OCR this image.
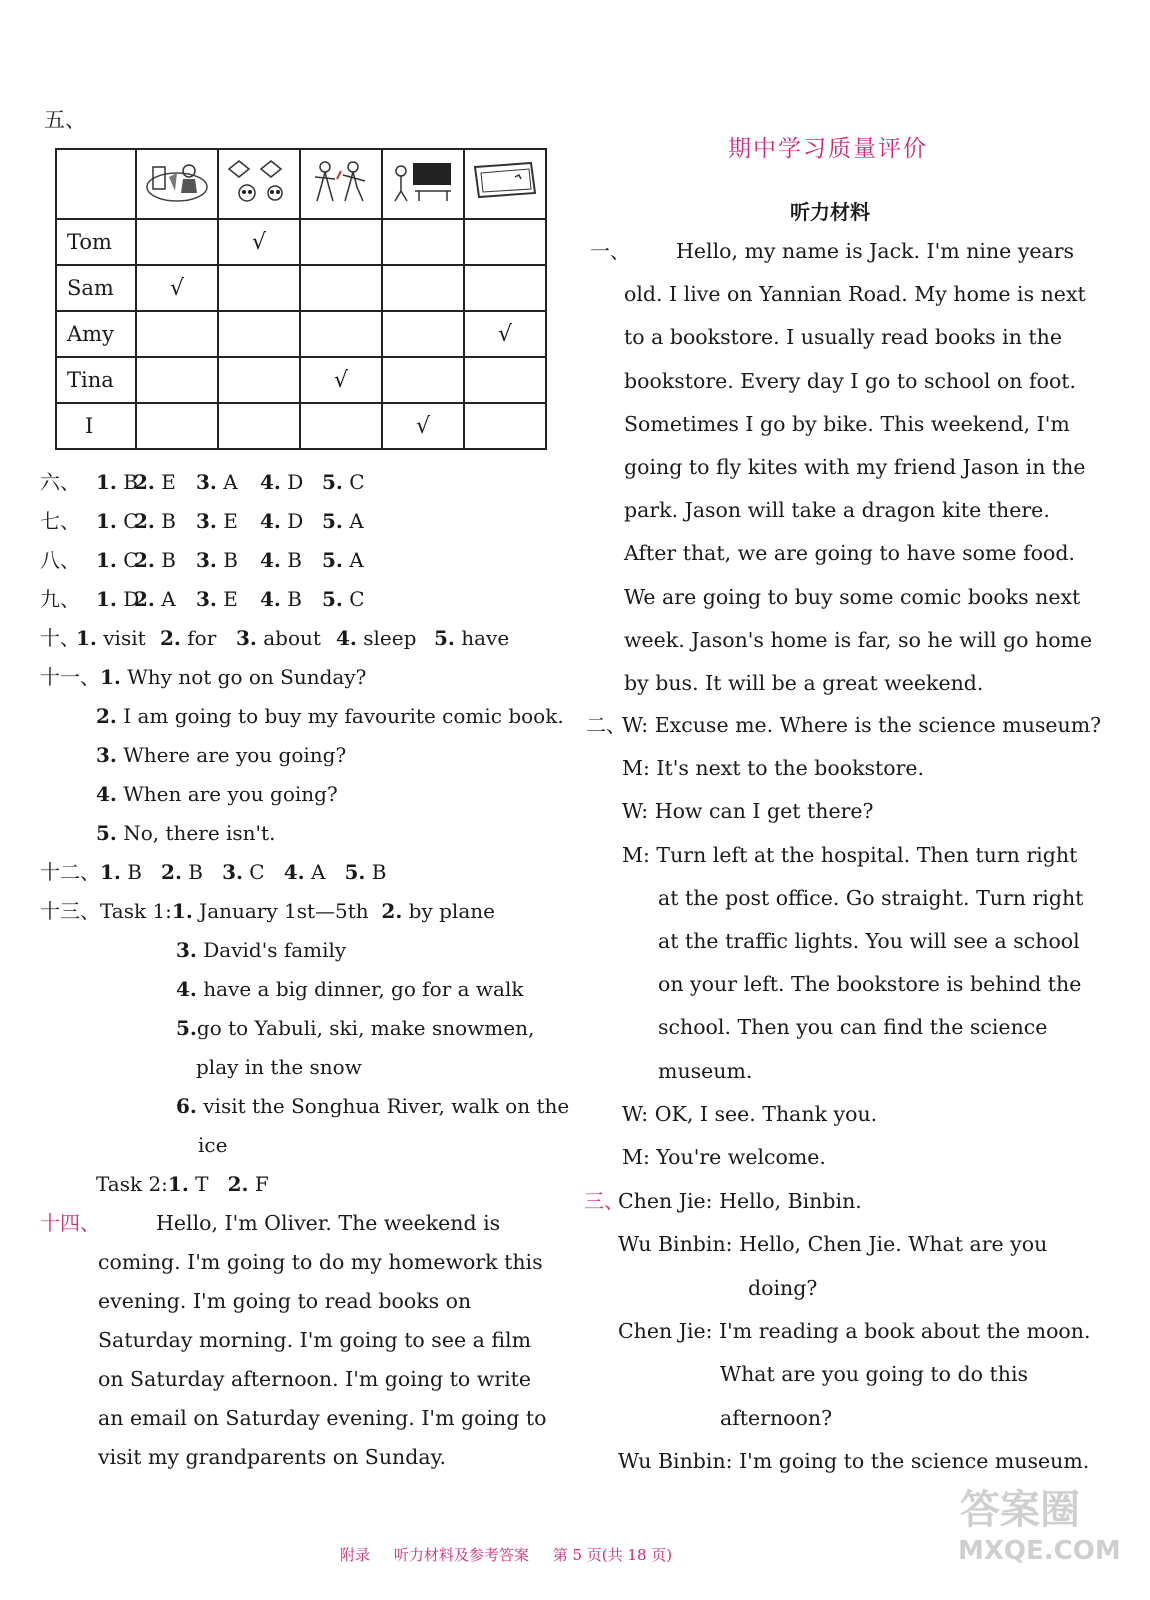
五、

Tom		√			
Sam	√				
Amy					√
Tina			√		
I				√	
六、 1. B
2. E 3. A 4. D 5. C
七、 1. C
2. B 3. E 4. D 5. A
八、 1. C
2. B 3. B 4. B 5. A
九、 1. D
2. A 3. E 4. B 5. C
十、
1. visit 2. for 3. about 4. sleep 5. have
十一、1. Why not go on Sunday?
2. I am going to buy my favourite comic book.
3. Where are you going?
4. When are you going?
5. No, there isn't.
十二、1. B 2. B 3. C 4. A 5. B
十三、Task 1:1. January 1st—5th 2. by plane
3. David's family
4. have a big dinner, go for a walk
5.go to Yabuli, ski, make snowmen,
play in the snow
6. visit the Songhua River, walk on the
ice
Task 2:1. T 2. F
十四、	Hello, I'm Oliver. The weekend is
coming. I'm going to do my homework this
evening. I'm going to read books on
Saturday morning. I'm going to see a film
on Saturday afternoon. I'm going to write
an email on Saturday evening. I'm going to
visit my grandparents on Sunday.
期中学习质量评价
听力材料
一、 Hello, my name is Jack. I'm nine years
old. I live on Yannian Road. My home is next
to a bookstore. I usually read books in the
bookstore. Every day I go to school on foot.
Sometimes I go by bike. This weekend, I'm
going to fly kites with my friend Jason in the
park. Jason will take a dragon kite there.
After that, we are going to have some food.
We are going to buy some comic books next
week. Jason's home is far, so he will go home
by bus. It will be a great weekend.
二、
W: Excuse me. Where is the science museum?
M: It's next to the bookstore.
W: How can I get there?
M: Turn left at the hospital. Then turn right
at the post office. Go straight. Turn right
at the traffic lights. You will see a school
on your left. The bookstore is behind the
school. Then you can find the science
museum.
W: OK, I see. Thank you.
M: You're welcome.
三、
Chen Jie: Hello, Binbin.
Wu Binbin: Hello, Chen Jie. What are you
doing?
Chen Jie: I'm reading a book about the moon.
What are you going to do this
afternoon?
Wu Binbin: I'm going to the science museum.
附录 听力材料及参考答案 第 5 页(共 18 页)
答案圈
MXQE.COM
